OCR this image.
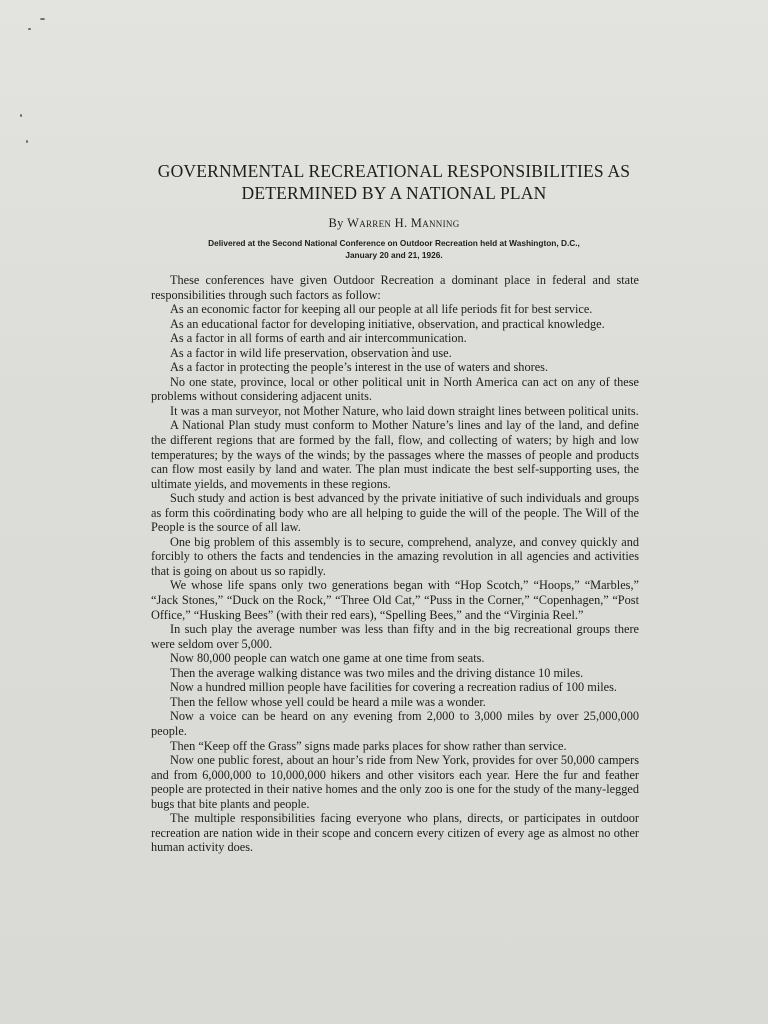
GOVERNMENTAL RECREATIONAL RESPONSIBILITIES AS DETERMINED BY A NATIONAL PLAN
By Warren H. Manning
Delivered at the Second National Conference on Outdoor Recreation held at Washington, D.C.,
January 20 and 21, 1926.

These conferences have given Outdoor Recreation a dominant place in federal and state responsibilities through such factors as follow:

As an economic factor for keeping all our people at all life periods fit for best service.

As an educational factor for developing initiative, observation, and practical knowledge.

As a factor in all forms of earth and air intercommunication.

As a factor in wild life preservation, observation and use.

As a factor in protecting the people’s interest in the use of waters and shores.

No one state, province, local or other political unit in North America can act on any of these problems without considering adjacent units.

It was a man surveyor, not Mother Nature, who laid down straight lines between political units.

A National Plan study must conform to Mother Nature’s lines and lay of the land, and define the different regions that are formed by the fall, flow, and collecting of waters; by high and low temperatures; by the ways of the winds; by the passages where the masses of people and products can flow most easily by land and water. The plan must indicate the best self-supporting uses, the ultimate yields, and movements in these regions.

Such study and action is best advanced by the private initiative of such individuals and groups as form this coördinating body who are all helping to guide the will of the people. The Will of the People is the source of all law.

One big problem of this assembly is to secure, comprehend, analyze, and convey quickly and forcibly to others the facts and tendencies in the amazing revolution in all agencies and activities that is going on about us so rapidly.

We whose life spans only two generations began with “Hop Scotch,” “Hoops,” “Marbles,” “Jack Stones,” “Duck on the Rock,” “Three Old Cat,” “Puss in the Corner,” “Copenhagen,” “Post Office,” “Husking Bees” (with their red ears), “Spelling Bees,” and the “Virginia Reel.”

In such play the average number was less than fifty and in the big recreational groups there were seldom over 5,000.

Now 80,000 people can watch one game at one time from seats.

Then the average walking distance was two miles and the driving distance 10 miles.

Now a hundred million people have facilities for covering a recreation radius of 100 miles.

Then the fellow whose yell could be heard a mile was a wonder.

Now a voice can be heard on any evening from 2,000 to 3,000 miles by over 25,000,000 people.

Then “Keep off the Grass” signs made parks places for show rather than service.

Now one public forest, about an hour’s ride from New York, provides for over 50,000 campers and from 6,000,000 to 10,000,000 hikers and other visitors each year. Here the fur and feather people are protected in their native homes and the only zoo is one for the study of the many-legged bugs that bite plants and people.

The multiple responsibilities facing everyone who plans, directs, or participates in outdoor recreation are nation wide in their scope and concern every citizen of every age as almost no other human activity does.
